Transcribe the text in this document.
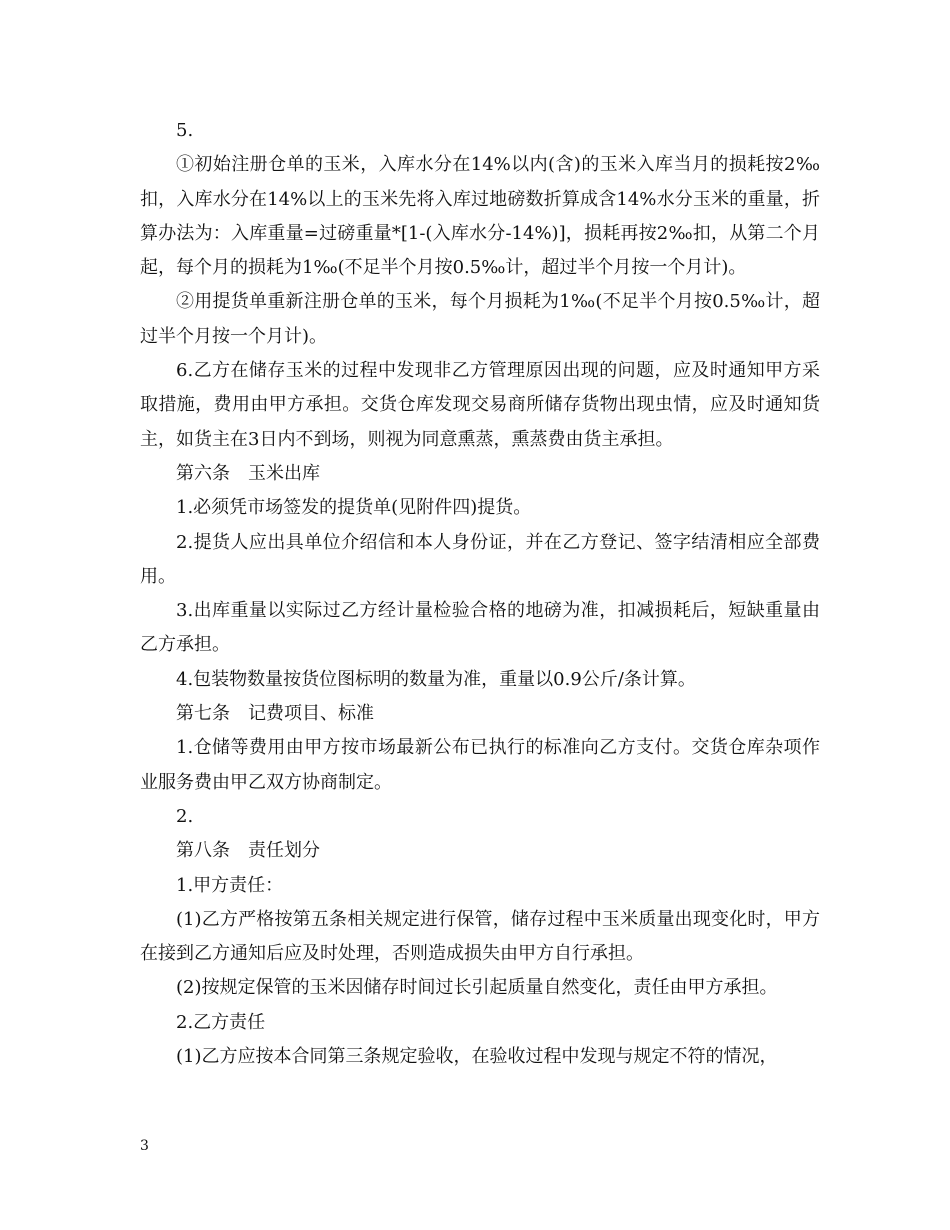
5.

①初始注册仓单的玉米，入库水分在14%以内(含)的玉米入库当月的损耗按2‰扣，入库水分在14%以上的玉米先将入库过地磅数折算成含14%水分玉米的重量，折算办法为：入库重量=过磅重量*[1-(入库水分-14%)]，损耗再按2‰扣，从第二个月起，每个月的损耗为1‰(不足半个月按0.5‰计，超过半个月按一个月计)。

②用提货单重新注册仓单的玉米，每个月损耗为1‰(不足半个月按0.5‰计，超过半个月按一个月计)。

6.乙方在储存玉米的过程中发现非乙方管理原因出现的问题，应及时通知甲方采取措施，费用由甲方承担。交货仓库发现交易商所储存货物出现虫情，应及时通知货主，如货主在3日内不到场，则视为同意熏蒸，熏蒸费由货主承担。

第六条　玉米出库

1.必须凭市场签发的提货单(见附件四)提货。

2.提货人应出具单位介绍信和本人身份证，并在乙方登记、签字结清相应全部费用。

3.出库重量以实际过乙方经计量检验合格的地磅为准，扣减损耗后，短缺重量由乙方承担。

4.包装物数量按货位图标明的数量为准，重量以0.9公斤/条计算。

第七条　记费项目、标准

1.仓储等费用由甲方按市场最新公布已执行的标准向乙方支付。交货仓库杂项作业服务费由甲乙双方协商制定。

2.

第八条　责任划分

1.甲方责任：

(1)乙方严格按第五条相关规定进行保管，储存过程中玉米质量出现变化时，甲方在接到乙方通知后应及时处理，否则造成损失由甲方自行承担。

(2)按规定保管的玉米因储存时间过长引起质量自然变化，责任由甲方承担。

2.乙方责任

(1)乙方应按本合同第三条规定验收，在验收过程中发现与规定不符的情况，

3
